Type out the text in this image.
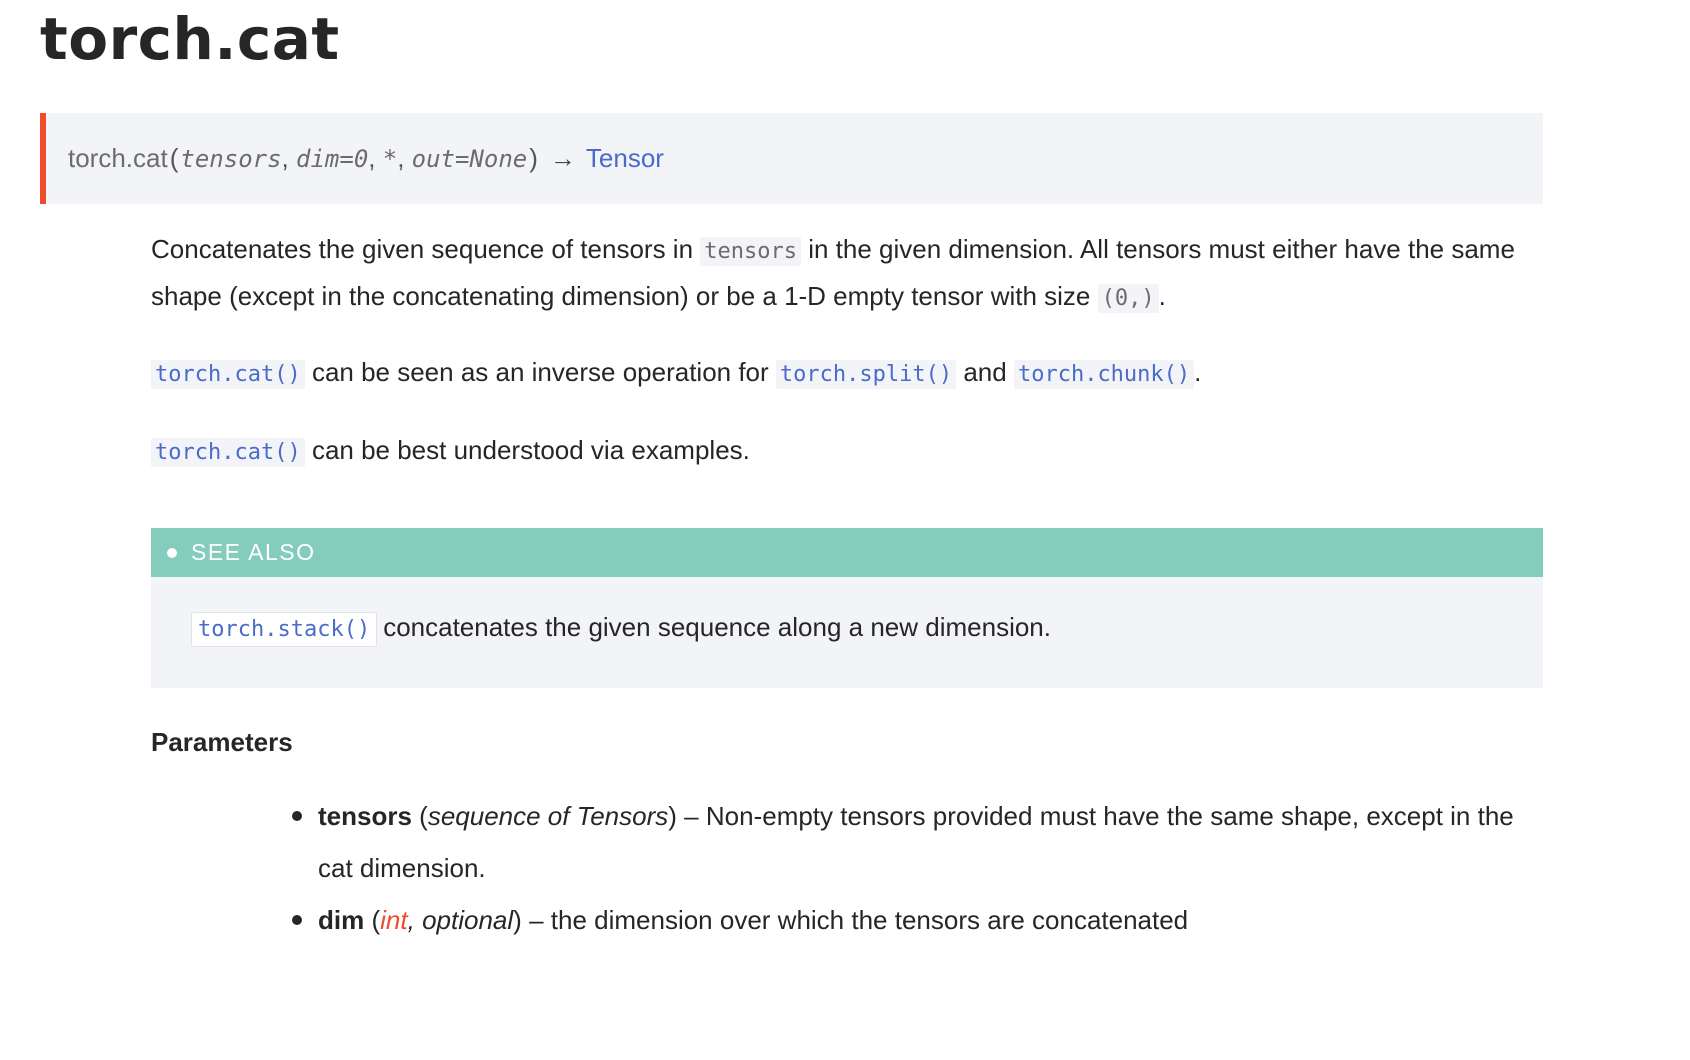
torch.cat
torch.cat ( tensors ,
dim=0 ,
* ,
out=None ) → Tensor

Concatenates the given sequence of tensors in tensors in the given dimension. All tensors must either have the same shape (except in the concatenating dimension) or be a 1-D empty tensor with size (0,) .

torch.cat() can be seen as an inverse operation for torch.split() and torch.chunk() .

torch.cat() can be best understood via examples.

SEE ALSO
torch.stack() concatenates the given sequence along a new dimension.
Parameters
tensors (sequence of Tensors) – Non-empty tensors provided must have the same shape, except in the cat dimension.
dim (int, optional) – the dimension over which the tensors are concatenated
